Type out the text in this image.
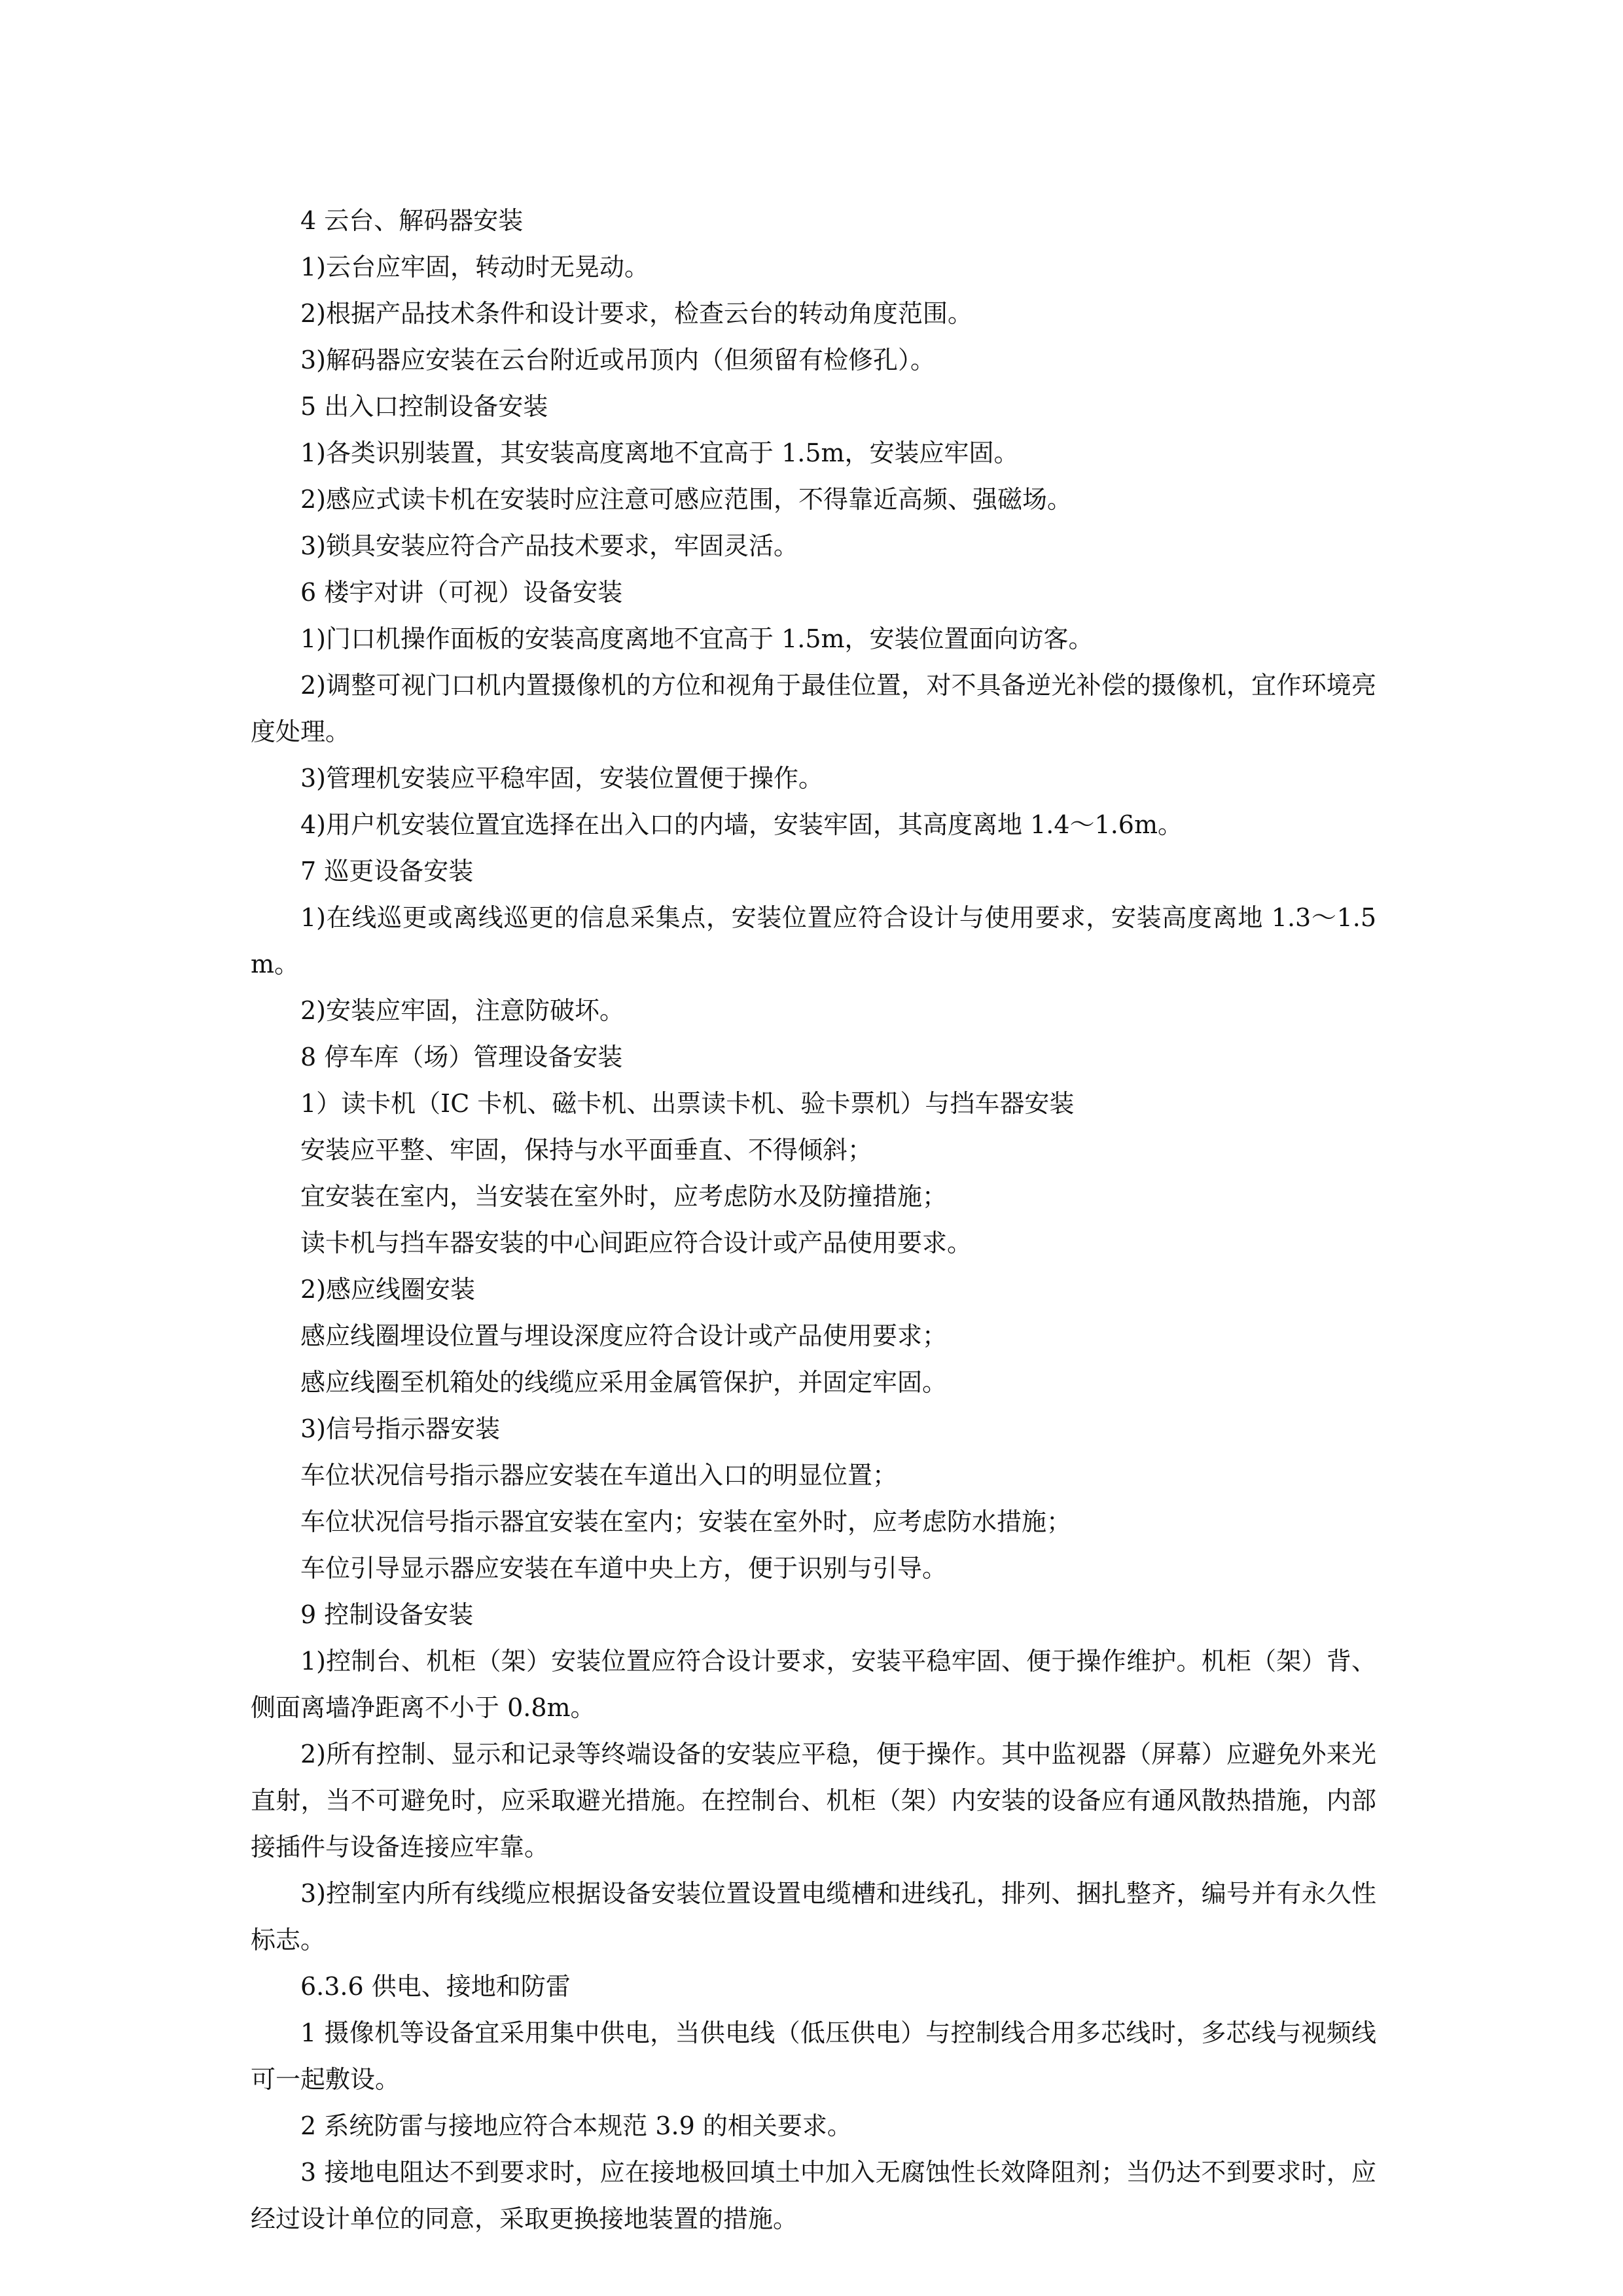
4 云台、解码器安装

1)云台应牢固，转动时无晃动。

2)根据产品技术条件和设计要求，检查云台的转动角度范围。

3)解码器应安装在云台附近或吊顶内（但须留有检修孔）。

5 出入口控制设备安装

1)各类识别装置，其安装高度离地不宜高于 1.5m，安装应牢固。

2)感应式读卡机在安装时应注意可感应范围，不得靠近高频、强磁场。

3)锁具安装应符合产品技术要求，牢固灵活。

6 楼宇对讲（可视）设备安装

1)门口机操作面板的安装高度离地不宜高于 1.5m，安装位置面向访客。

2)调整可视门口机内置摄像机的方位和视角于最佳位置，对不具备逆光补偿的摄像机，宜作环境亮度处理。

3)管理机安装应平稳牢固，安装位置便于操作。

4)用户机安装位置宜选择在出入口的内墙，安装牢固，其高度离地 1.4～1.6m。

7 巡更设备安装

1)在线巡更或离线巡更的信息采集点，安装位置应符合设计与使用要求，安装高度离地 1.3～1.5m。

2)安装应牢固，注意防破坏。

8 停车库（场）管理设备安装

1）读卡机（IC 卡机、磁卡机、出票读卡机、验卡票机）与挡车器安装

安装应平整、牢固，保持与水平面垂直、不得倾斜；

宜安装在室内，当安装在室外时，应考虑防水及防撞措施；

读卡机与挡车器安装的中心间距应符合设计或产品使用要求。

2)感应线圈安装

感应线圈埋设位置与埋设深度应符合设计或产品使用要求；

感应线圈至机箱处的线缆应采用金属管保护，并固定牢固。

3)信号指示器安装

车位状况信号指示器应安装在车道出入口的明显位置；

车位状况信号指示器宜安装在室内；安装在室外时，应考虑防水措施；

车位引导显示器应安装在车道中央上方，便于识别与引导。

9 控制设备安装

1)控制台、机柜（架）安装位置应符合设计要求，安装平稳牢固、便于操作维护。机柜（架）背、侧面离墙净距离不小于 0.8m。

2)所有控制、显示和记录等终端设备的安装应平稳，便于操作。其中监视器（屏幕）应避免外来光直射，当不可避免时，应采取避光措施。在控制台、机柜（架）内安装的设备应有通风散热措施，内部接插件与设备连接应牢靠。

3)控制室内所有线缆应根据设备安装位置设置电缆槽和进线孔，排列、捆扎整齐，编号并有永久性标志。

6.3.6 供电、接地和防雷

1 摄像机等设备宜采用集中供电，当供电线（低压供电）与控制线合用多芯线时，多芯线与视频线可一起敷设。

2 系统防雷与接地应符合本规范 3.9 的相关要求。

3 接地电阻达不到要求时，应在接地极回填土中加入无腐蚀性长效降阻剂；当仍达不到要求时，应经过设计单位的同意，采取更换接地装置的措施。
